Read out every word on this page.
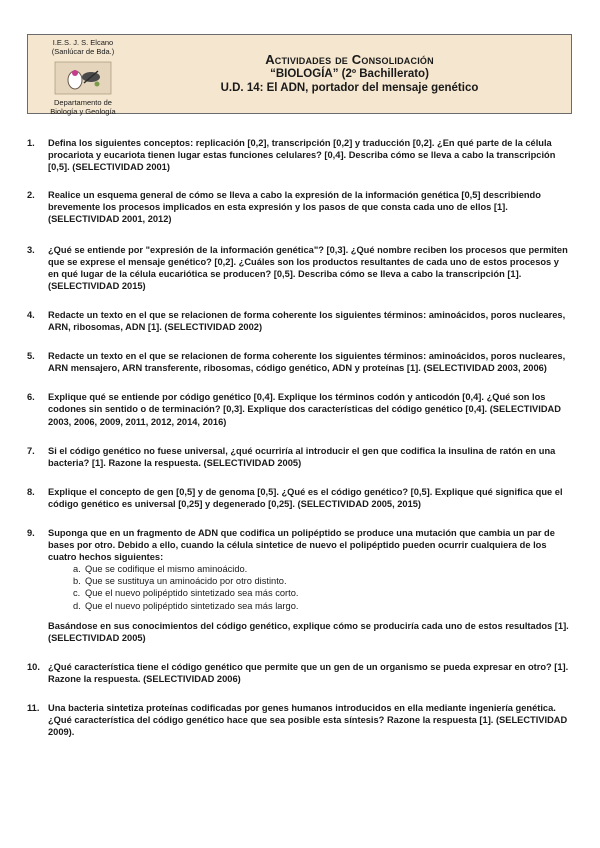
I.E.S. J. S. Elcano
(Sanlúcar de Bda.)
Departamento de
Biología y Geología
Actividades de Consolidación
“BIOLOGÍA” (2º Bachillerato)
U.D. 14: El ADN, portador del mensaje genético
1. Defina los siguientes conceptos: replicación [0,2], transcripción [0,2] y traducción [0,2]. ¿En qué parte de la célula procariota y eucariota tienen lugar estas funciones celulares? [0,4]. Describa cómo se lleva a cabo la transcripción [0,5]. (SELECTIVIDAD 2001)
2. Realice un esquema general de cómo se lleva a cabo la expresión de la información genética [0,5] describiendo brevemente los procesos implicados en esta expresión y los pasos de que consta cada uno de ellos [1]. (SELECTIVIDAD 2001, 2012)
3. ¿Qué se entiende por "expresión de la información genética"? [0,3]. ¿Qué nombre reciben los procesos que permiten que se exprese el mensaje genético? [0,2]. ¿Cuáles son los productos resultantes de cada uno de estos procesos y en qué lugar de la célula eucariótica se producen? [0,5]. Describa cómo se lleva a cabo la transcripción [1]. (SELECTIVIDAD 2015)
4. Redacte un texto en el que se relacionen de forma coherente los siguientes términos: aminoácidos, poros nucleares, ARN, ribosomas, ADN [1]. (SELECTIVIDAD 2002)
5. Redacte un texto en el que se relacionen de forma coherente los siguientes términos: aminoácidos, poros nucleares, ARN mensajero, ARN transferente, ribosomas, código genético, ADN y proteínas [1]. (SELECTIVIDAD 2003, 2006)
6. Explique qué se entiende por código genético [0,4]. Explique los términos codón y anticodón [0,4]. ¿Qué son los codones sin sentido o de terminación? [0,3]. Explique dos características del código genético [0,4]. (SELECTIVIDAD 2003, 2006, 2009, 2011, 2012, 2014, 2016)
7. Si el código genético no fuese universal, ¿qué ocurriría al introducir el gen que codifica la insulina de ratón en una bacteria? [1]. Razone la respuesta. (SELECTIVIDAD 2005)
8. Explique el concepto de gen [0,5] y de genoma [0,5]. ¿Qué es el código genético? [0,5]. Explique qué significa que el código genético es universal [0,25] y degenerado [0,25]. (SELECTIVIDAD 2005, 2015)
9. Suponga que en un fragmento de ADN que codifica un polipéptido se produce una mutación que cambia un par de bases por otro. Debido a ello, cuando la célula sintetice de nuevo el polipéptido pueden ocurrir cualquiera de los cuatro hechos siguientes:
a. Que se codifique el mismo aminoácido.
b. Que se sustituya un aminoácido por otro distinto.
c. Que el nuevo polipéptido sintetizado sea más corto.
d. Que el nuevo polipéptido sintetizado sea más largo.
Basándose en sus conocimientos del código genético, explique cómo se produciría cada uno de estos resultados [1]. (SELECTIVIDAD 2005)
10. ¿Qué característica tiene el código genético que permite que un gen de un organismo se pueda expresar en otro? [1]. Razone la respuesta. (SELECTIVIDAD 2006)
11. Una bacteria sintetiza proteínas codificadas por genes humanos introducidos en ella mediante ingeniería genética. ¿Qué característica del código genético hace que sea posible esta síntesis? Razone la respuesta [1]. (SELECTIVIDAD 2009).
